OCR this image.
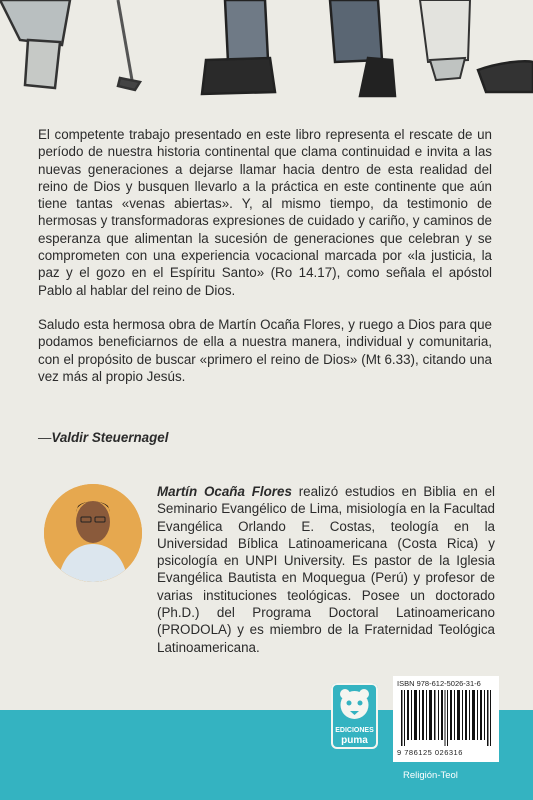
El competente trabajo presentado en este libro representa el rescate de un período de nuestra historia continental que clama continuidad e invita a las nuevas generaciones a dejarse llamar hacia dentro de esta realidad del reino de Dios y busquen llevarlo a la práctica en este continente que aún tiene tantas «venas abiertas». Y, al mismo tiempo, da testimonio de hermosas y transformadoras expresiones de cuidado y cariño, y caminos de esperanza que alimentan la sucesión de generaciones que celebran y se comprometen con una experiencia vocacional marcada por «la justicia, la paz y el gozo en el Espíritu Santo» (Ro 14.17), como señala el apóstol Pablo al hablar del reino de Dios.

Saludo esta hermosa obra de Martín Ocaña Flores, y ruego a Dios para que podamos beneficiarnos de ella a nuestra manera, individual y comunitaria, con el propósito de buscar «primero el reino de Dios» (Mt 6.33), citando una vez más al propio Jesús.

—Valdir Steuernagel
Martín Ocaña Flores realizó estudios en Biblia en el Seminario Evangélico de Lima, misiología en la Facultad Evangélica Orlando E. Costas, teología en la Universidad Bíblica Latinoamericana (Costa Rica) y psicología en UNPI University. Es pastor de la Iglesia Evangélica Bautista en Moquegua (Perú) y profesor de varias instituciones teológicas. Posee un doctorado (Ph.D.) del Programa Doctoral Latinoamericano (PRODOLA) y es miembro de la Fraternidad Teológica Latinoamericana.
EDICIONES
puma
ISBN 978-612-5026-31-6
9 786125 026316
Religión-Teol
